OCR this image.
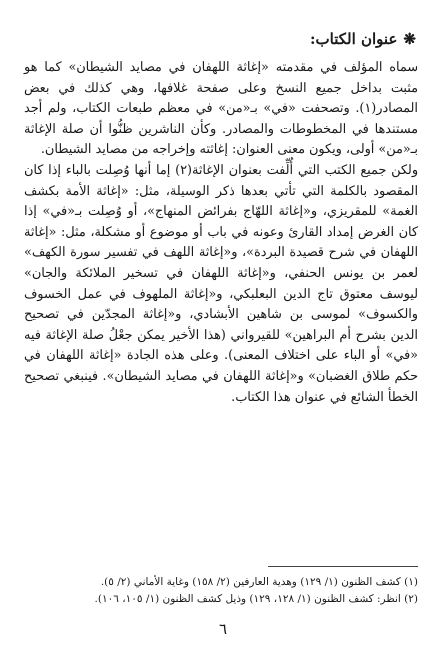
❋
عنوان الكتاب:

سماه المؤلف في مقدمته «إغاثة اللهفان في مصايد الشيطان» كما هو مثبت بداخل جميع النسخ وعلى صفحة غلافها، وهي كذلك في بعض المصادر(١). وتصحفت «في» بـ«من» في معظم طبعات الكتاب، ولم أجد مستندها في المخطوطات والمصادر. وكأن الناشرين ظنُّوا أن صلة الإغاثة بـ«من» أولى، ويكون معنى العنوان: إغاثته وإخراجه من مصايد الشيطان.

ولكن جميع الكتب التي أُلِّفت بعنوان الإغاثة(٢) إما أنها وُصِلت بالباء إذا كان المقصود بالكلمة التي تأتي بعدها ذكر الوسيلة، مثل: «إغاثة الأمة بكشف الغمة» للمقريزي، و«إغاثة اللهّاج بفرائض المنهاج»، أو وُصِلت بـ«في» إذا كان الغرض إمداد القارئ وعونه في باب أو موضوع أو مشكلة، مثل: «إغاثة اللهفان في شرح قصيدة البردة»، و«إغاثة اللهف في تفسير سورة الكهف» لعمر بن يونس الحنفي، و«إغاثة اللهفان في تسخير الملائكة والجان» ليوسف معتوق تاج الدين البعلبكي، و«إغاثة الملهوف في عمل الخسوف والكسوف» لموسى بن شاهين الأبشادي، و«إغاثة المجدّين في تصحيح الدين بشرح أم البراهين» للقيرواني (هذا الأخير يمكن جعْلُ صلة الإغاثة فيه «في» أو الباء على اختلاف المعنى). وعلى هذه الجادة «إغاثة اللهفان في حكم طلاق الغضبان» و«إغاثة اللهفان في مصايد الشيطان». فينبغي تصحيح الخطأ الشائع في عنوان هذا الكتاب.

(١) كشف الظنون (١/ ١٢٩) وهدية العارفين (٢/ ١٥٨) وغاية الأماني (٢/ ٥).
(٢) انظر: كشف الظنون (١/ ١٢٨، ١٢٩) وذيل كشف الظنون (١/ ١٠٥، ١٠٦).
٦
